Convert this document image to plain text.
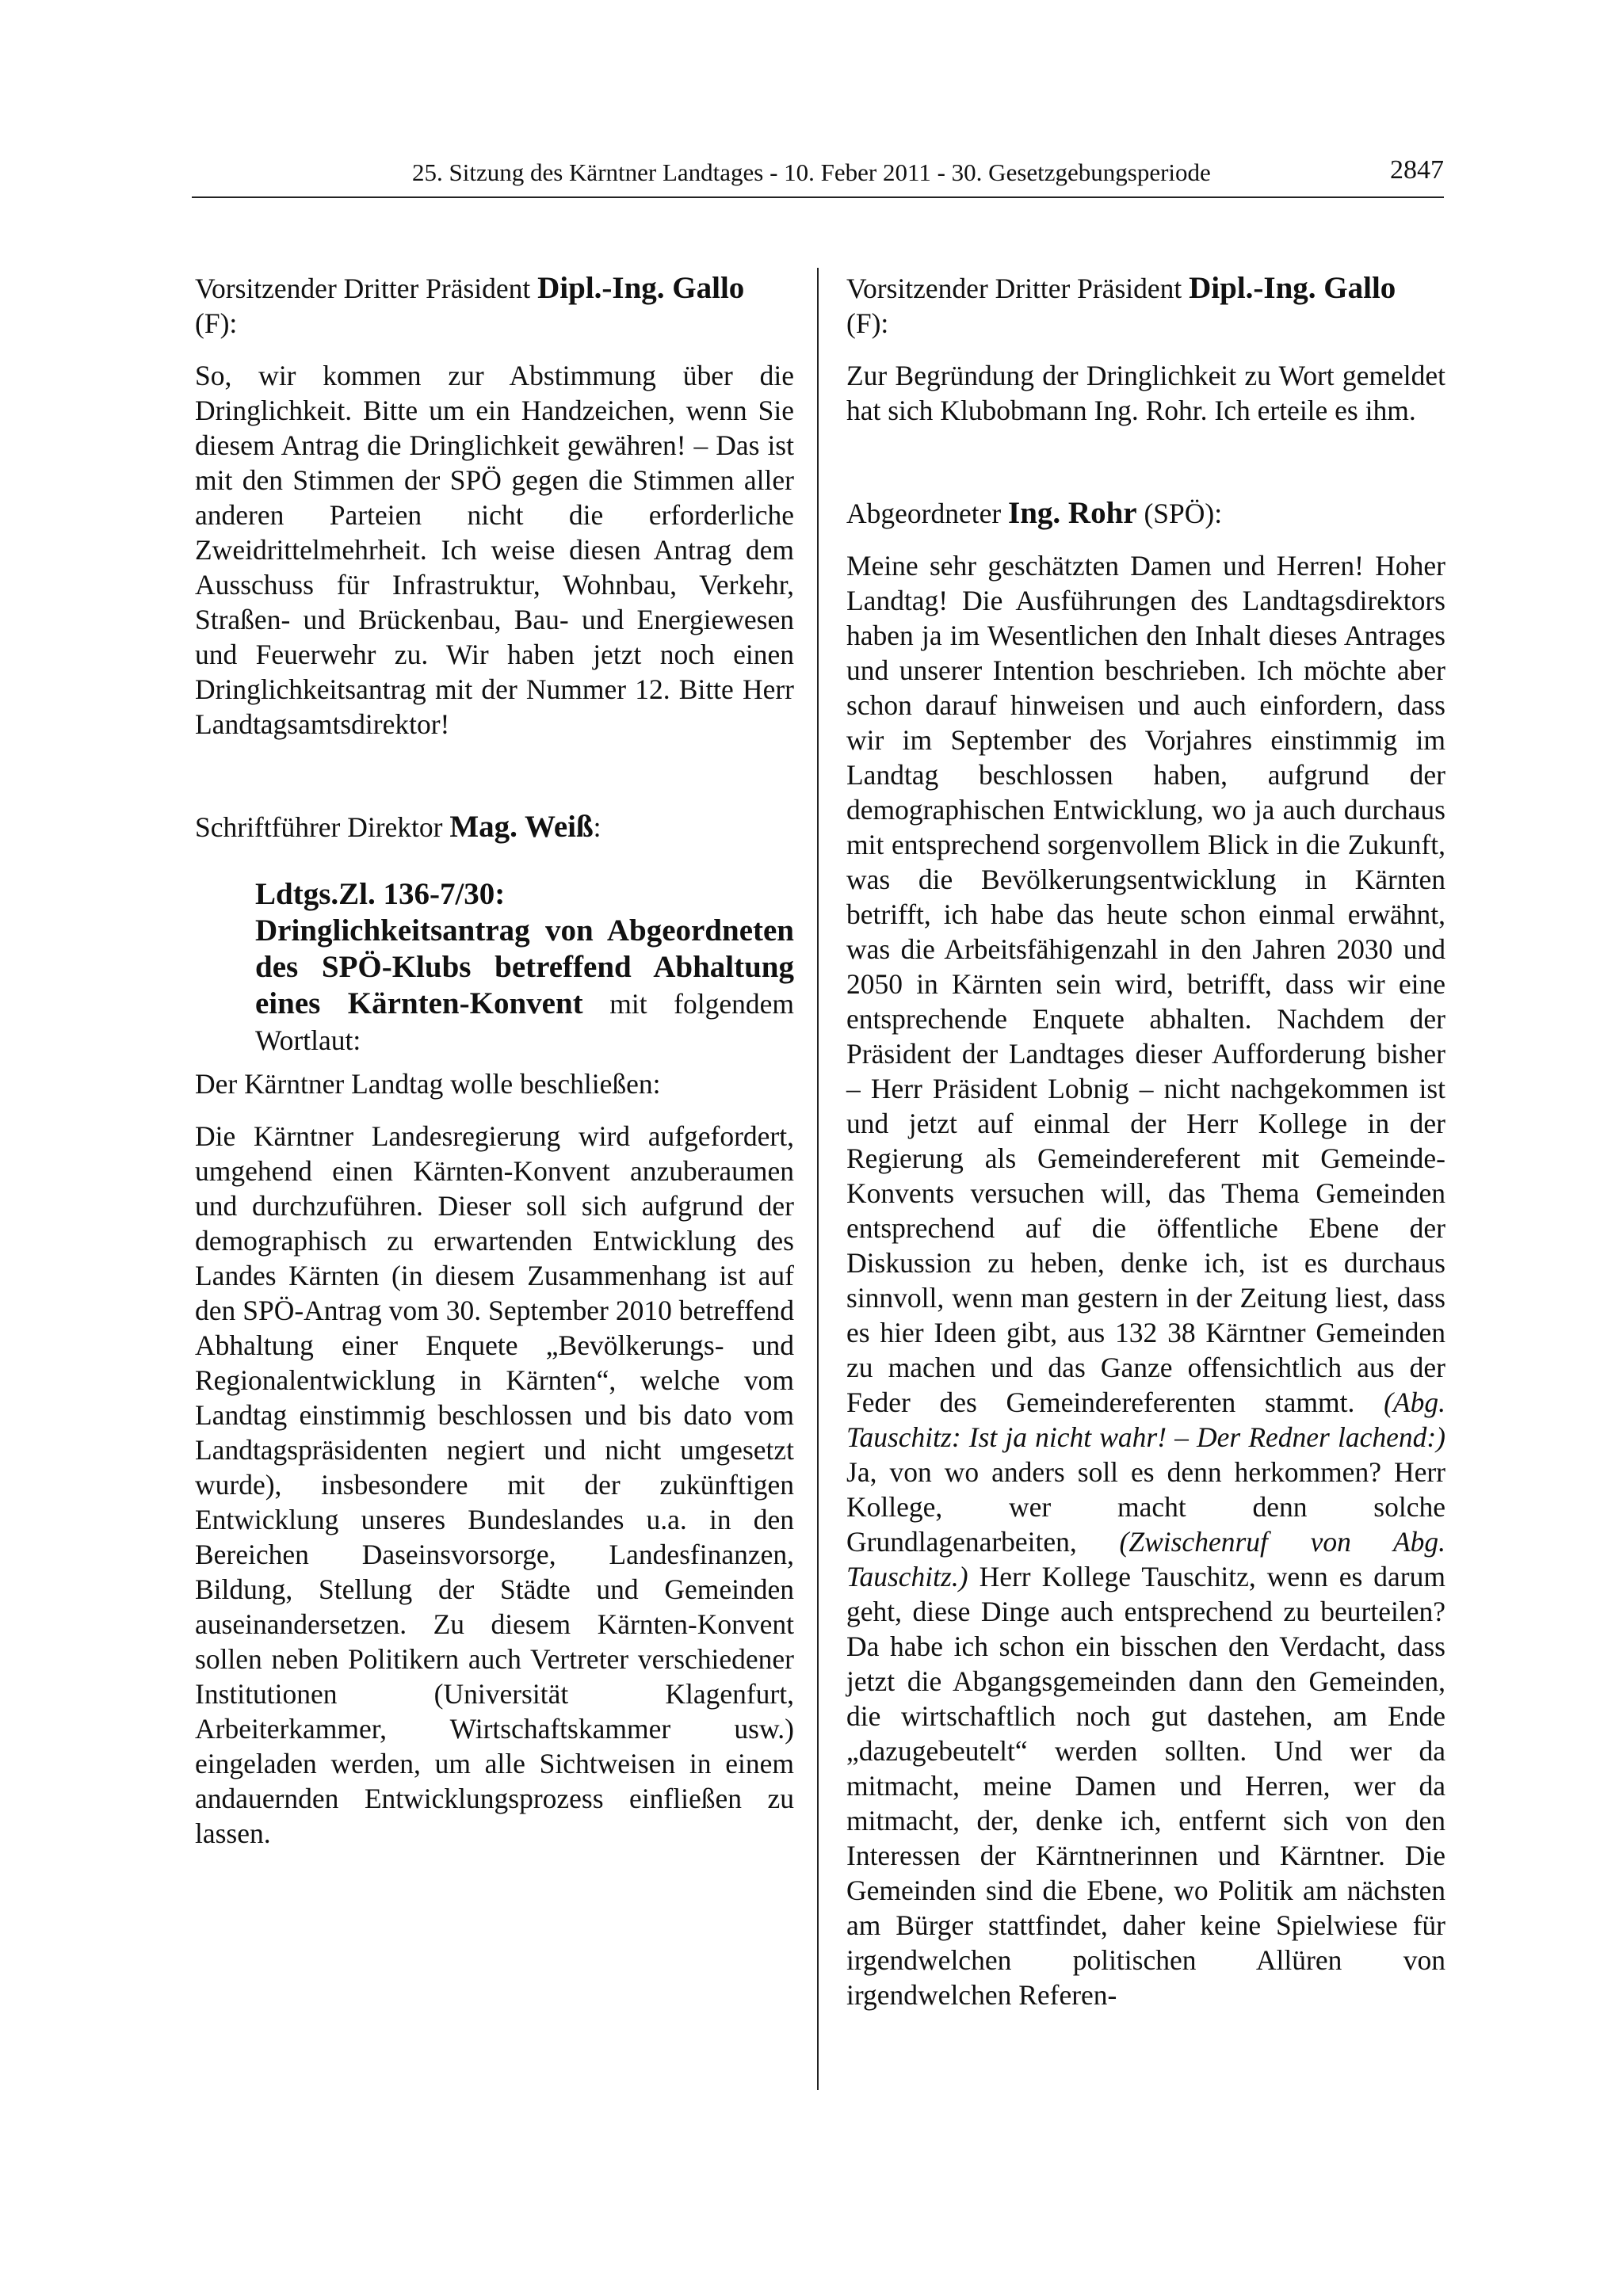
25. Sitzung des Kärntner Landtages - 10. Feber 2011 - 30. Gesetzgebungsperiode	2847

Vorsitzender Dritter Präsident Dipl.-Ing. Gallo
(F):

So, wir kommen zur Abstimmung über die Dringlichkeit. Bitte um ein Handzeichen, wenn Sie diesem Antrag die Dringlichkeit gewähren! – Das ist mit den Stimmen der SPÖ gegen die Stimmen aller anderen Parteien nicht die erforderliche Zweidrittelmehrheit. Ich weise diesen Antrag dem Ausschuss für Infrastruktur, Wohnbau, Verkehr, Straßen- und Brückenbau, Bau- und Energiewesen und Feuerwehr zu. Wir haben jetzt noch einen Dringlichkeitsantrag mit der Nummer 12. Bitte Herr Landtagsamtsdirektor!

Schriftführer Direktor Mag. Weiß:

Ldtgs.Zl. 136-7/30:
Dringlichkeitsantrag von Abgeordneten des SPÖ-Klubs betreffend Abhaltung eines Kärnten-Konvent mit folgendem Wortlaut:

Der Kärntner Landtag wolle beschließen:

Die Kärntner Landesregierung wird aufgefordert, umgehend einen Kärnten-Konvent anzuberaumen und durchzuführen. Dieser soll sich aufgrund der demographisch zu erwartenden Entwicklung des Landes Kärnten (in diesem Zusammenhang ist auf den SPÖ-Antrag vom 30. September 2010 betreffend Abhaltung einer Enquete „Bevölkerungs- und Regionalentwicklung in Kärnten“, welche vom Landtag einstimmig beschlossen und bis dato vom Landtagspräsidenten negiert und nicht umgesetzt wurde), insbesondere mit der zukünftigen Entwicklung unseres Bundeslandes u.a. in den Bereichen Daseinsvorsorge, Landesfinanzen, Bildung, Stellung der Städte und Gemeinden auseinandersetzen. Zu diesem Kärnten-Konvent sollen neben Politikern auch Vertreter verschiedener Institutionen (Universität Klagenfurt, Arbeiterkammer, Wirtschaftskammer usw.) eingeladen werden, um alle Sichtweisen in einem andauernden Entwicklungsprozess einfließen zu lassen.

Vorsitzender Dritter Präsident Dipl.-Ing. Gallo
(F):

Zur Begründung der Dringlichkeit zu Wort gemeldet hat sich Klubobmann Ing. Rohr. Ich erteile es ihm.

Abgeordneter Ing. Rohr (SPÖ):

Meine sehr geschätzten Damen und Herren! Hoher Landtag! Die Ausführungen des Landtagsdirektors haben ja im Wesentlichen den Inhalt dieses Antrages und unserer Intention beschrieben. Ich möchte aber schon darauf hinweisen und auch einfordern, dass wir im September des Vorjahres einstimmig im Landtag beschlossen haben, aufgrund der demographischen Entwicklung, wo ja auch durchaus mit entsprechend sorgenvollem Blick in die Zukunft, was die Bevölkerungsentwicklung in Kärnten betrifft, ich habe das heute schon einmal erwähnt, was die Arbeitsfähigenzahl in den Jahren 2030 und 2050 in Kärnten sein wird, betrifft, dass wir eine entsprechende Enquete abhalten. Nachdem der Präsident der Landtages dieser Aufforderung bisher – Herr Präsident Lobnig – nicht nachgekommen ist und jetzt auf einmal der Herr Kollege in der Regierung als Gemeindereferent mit Gemeinde-Konvents versuchen will, das Thema Gemeinden entsprechend auf die öffentliche Ebene der Diskussion zu heben, denke ich, ist es durchaus sinnvoll, wenn man gestern in der Zeitung liest, dass es hier Ideen gibt, aus 132 38 Kärntner Gemeinden zu machen und das Ganze offensichtlich aus der Feder des Gemeindereferenten stammt. (Abg. Tauschitz: Ist ja nicht wahr! – Der Redner lachend:) Ja, von wo anders soll es denn herkommen? Herr Kollege, wer macht denn solche Grundlagenarbeiten, (Zwischenruf von Abg. Tauschitz.) Herr Kollege Tauschitz, wenn es darum geht, diese Dinge auch entsprechend zu beurteilen? Da habe ich schon ein bisschen den Verdacht, dass jetzt die Abgangsgemeinden dann den Gemeinden, die wirtschaftlich noch gut dastehen, am Ende „dazugebeutelt“ werden sollten. Und wer da mitmacht, meine Damen und Herren, wer da mitmacht, der, denke ich, entfernt sich von den Interessen der Kärntnerinnen und Kärntner. Die Gemeinden sind die Ebene, wo Politik am nächsten am Bürger stattfindet, daher keine Spielwiese für irgendwelchen politischen Allüren von irgendwelchen Referen-
